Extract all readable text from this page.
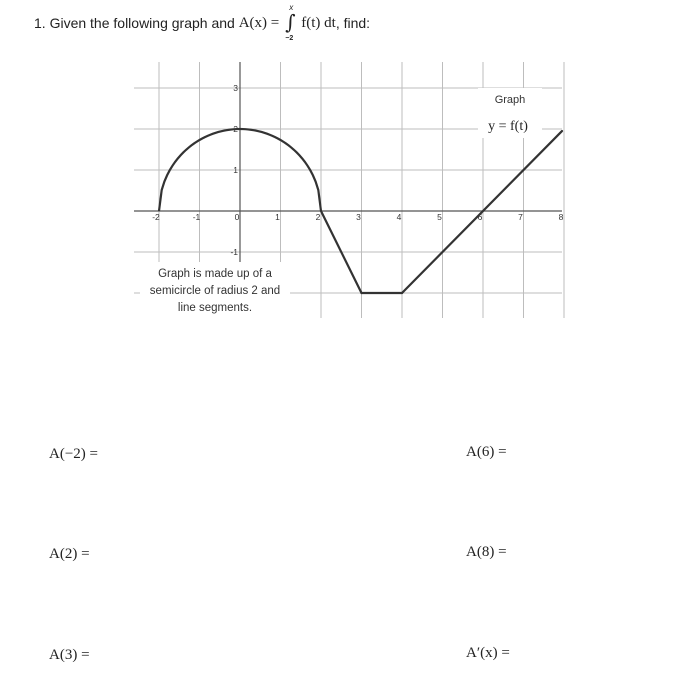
1.
Given the following graph and
A(x) =
x
∫
−2
f(t) dt , find:
-2	-1	0	1	2	3	4	5	6	7	8
3
2
1
-1
Graph
y = f(t)
Graph is made up of a
semicircle of radius 2 and
line segments.
A(−2) =
A(2) =
A(3) =
A(6) =
A(8) =
A′(x) =
